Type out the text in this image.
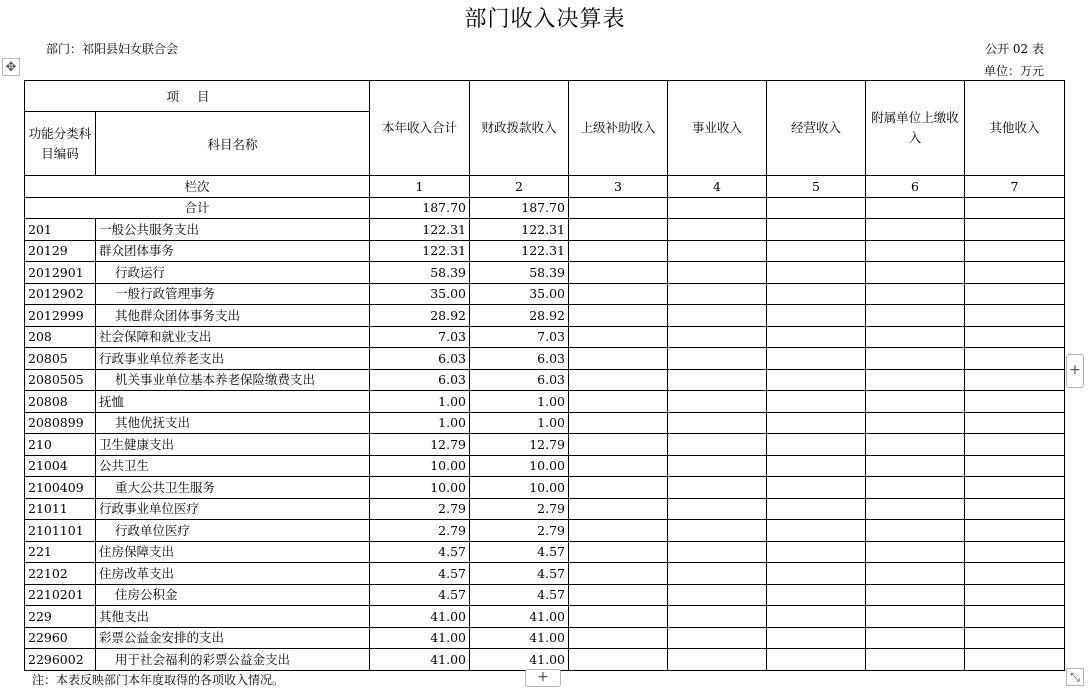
部门收入决算表
部门：祁阳县妇女联合会	公开 02 表
单位：万元
✥
项目		本年收入合计	财政拨款收入	上级补助收入	事业收入	经营收入	附属单位上缴收入	其他收入
功能分类科目编码	科目名称							
栏次		1	2	3	4	5	6	7
合计		187.70	187.70					
201	一般公共服务支出	122.31	122.31					
20129	群众团体事务	122.31	122.31					
2012901	行政运行	58.39	58.39					
2012902	一般行政管理事务	35.00	35.00					
2012999	其他群众团体事务支出	28.92	28.92					
208	社会保障和就业支出	7.03	7.03					
20805	行政事业单位养老支出	6.03	6.03					
2080505	机关事业单位基本养老保险缴费支出	6.03	6.03					
20808	抚恤	1.00	1.00					
2080899	其他优抚支出	1.00	1.00					
210	卫生健康支出	12.79	12.79					
21004	公共卫生	10.00	10.00					
2100409	重大公共卫生服务	10.00	10.00					
21011	行政事业单位医疗	2.79	2.79					
2101101	行政单位医疗	2.79	2.79					
221	住房保障支出	4.57	4.57					
22102	住房改革支出	4.57	4.57					
2210201	住房公积金	4.57	4.57					
229	其他支出	41.00	41.00					
22960	彩票公益金安排的支出	41.00	41.00					
2296002	用于社会福利的彩票公益金支出	41.00	41.00					
注：本表反映部门本年度取得的各项收入情况。	+
+
⤡
